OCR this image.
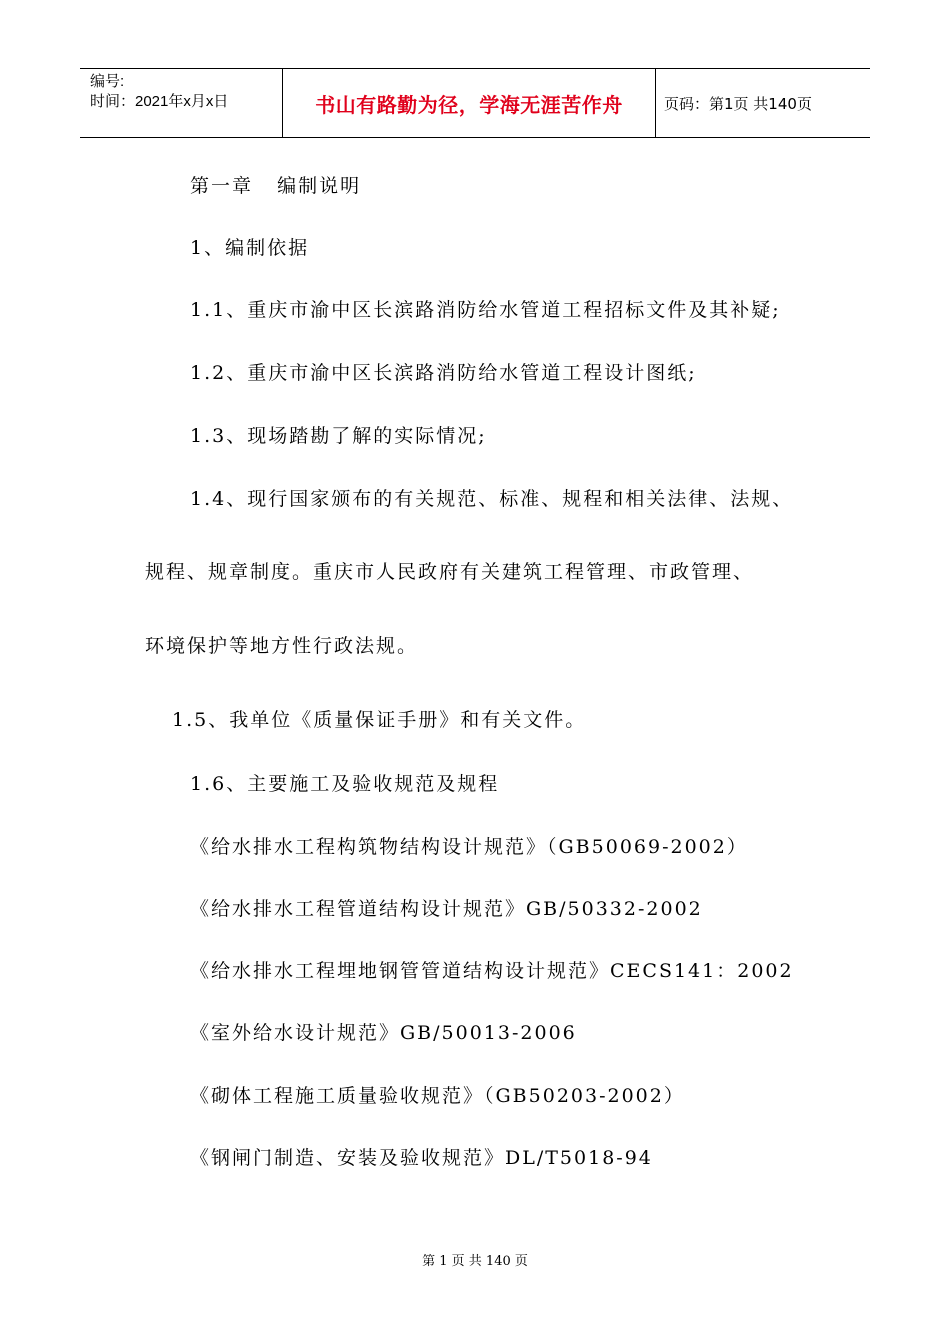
编号:
时间：2021年x月x日	书山有路勤为径，学海无涯苦作舟	页码：第1页 共140页
第一章   编制说明
1、编制依据
1.1、重庆市渝中区长滨路消防给水管道工程招标文件及其补疑;
1.2、重庆市渝中区长滨路消防给水管道工程设计图纸;
1.3、现场踏勘了解的实际情况;
1.4、现行国家颁布的有关规范、标准、规程和相关法律、法规、
规程、规章制度。重庆市人民政府有关建筑工程管理、市政管理、
环境保护等地方性行政法规。
1.5、我单位《质量保证手册》和有关文件。
1.6、主要施工及验收规范及规程
《给水排水工程构筑物结构设计规范》（GB50069-2002）
《给水排水工程管道结构设计规范》GB/50332-2002
《给水排水工程埋地钢管管道结构设计规范》CECS141：2002
《室外给水设计规范》GB/50013-2006
《砌体工程施工质量验收规范》（GB50203-2002）
《钢闸门制造、安装及验收规范》DL/T5018-94
第 1 页 共 140 页
